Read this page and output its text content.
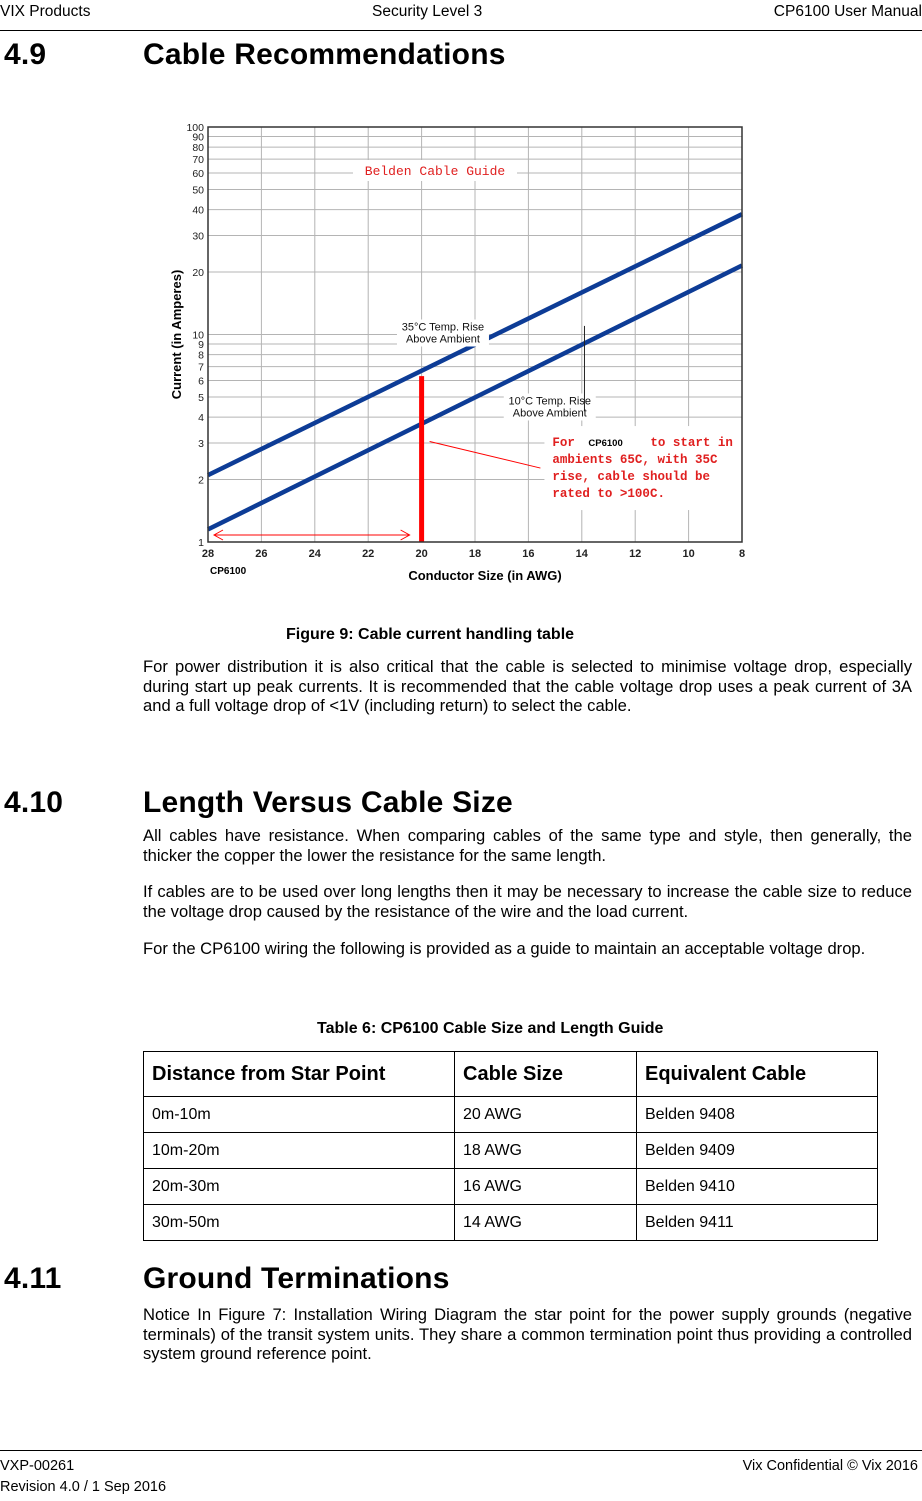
VIX Products	Security Level 3	CP6100 User Manual
4.9	Cable Recommendations
1
2
3
4
5
6
7
8
9
10
20
30
40
50
60
70
80
90
100
28	26	24	22	20	18	16	14	12	10	8
Belden Cable Guide
CP6100
35°C Temp. Rise
Above Ambient
10°C Temp. Rise
Above Ambient
For CP6100 to start in
ambients 65C, with 35C
rise, cable should be
rated to >100C.
Current (in Amperes)
Conductor Size (in AWG)
Figure 9: Cable current handling table

For power distribution it is also critical that the cable is selected to minimise voltage drop, especially during start up peak currents. It is recommended that the cable voltage drop uses a peak current of 3A and a full voltage drop of <1V (including return) to select the cable.

4.10	Length Versus Cable Size

All cables have resistance. When comparing cables of the same type and style, then generally, the thicker the copper the lower the resistance for the same length.

If cables are to be used over long lengths then it may be necessary to increase the cable size to reduce the voltage drop caused by the resistance of the wire and the load current.

For the CP6100 wiring the following is provided as a guide to maintain an acceptable voltage drop.

Table 6: CP6100 Cable Size and Length Guide
Distance from Star Point	Cable Size	Equivalent Cable
0m-10m	20 AWG	Belden 9408
10m-20m	18 AWG	Belden 9409
20m-30m	16 AWG	Belden 9410
30m-50m	14 AWG	Belden 9411
4.11	Ground Terminations

Notice In Figure 7: Installation Wiring Diagram the star point for the power supply grounds (negative terminals) of the transit system units. They share a common termination point thus providing a controlled system ground reference point.

VXP-00261
Revision 4.0 / 1 Sep 2016
Vix Confidential © Vix 2016
